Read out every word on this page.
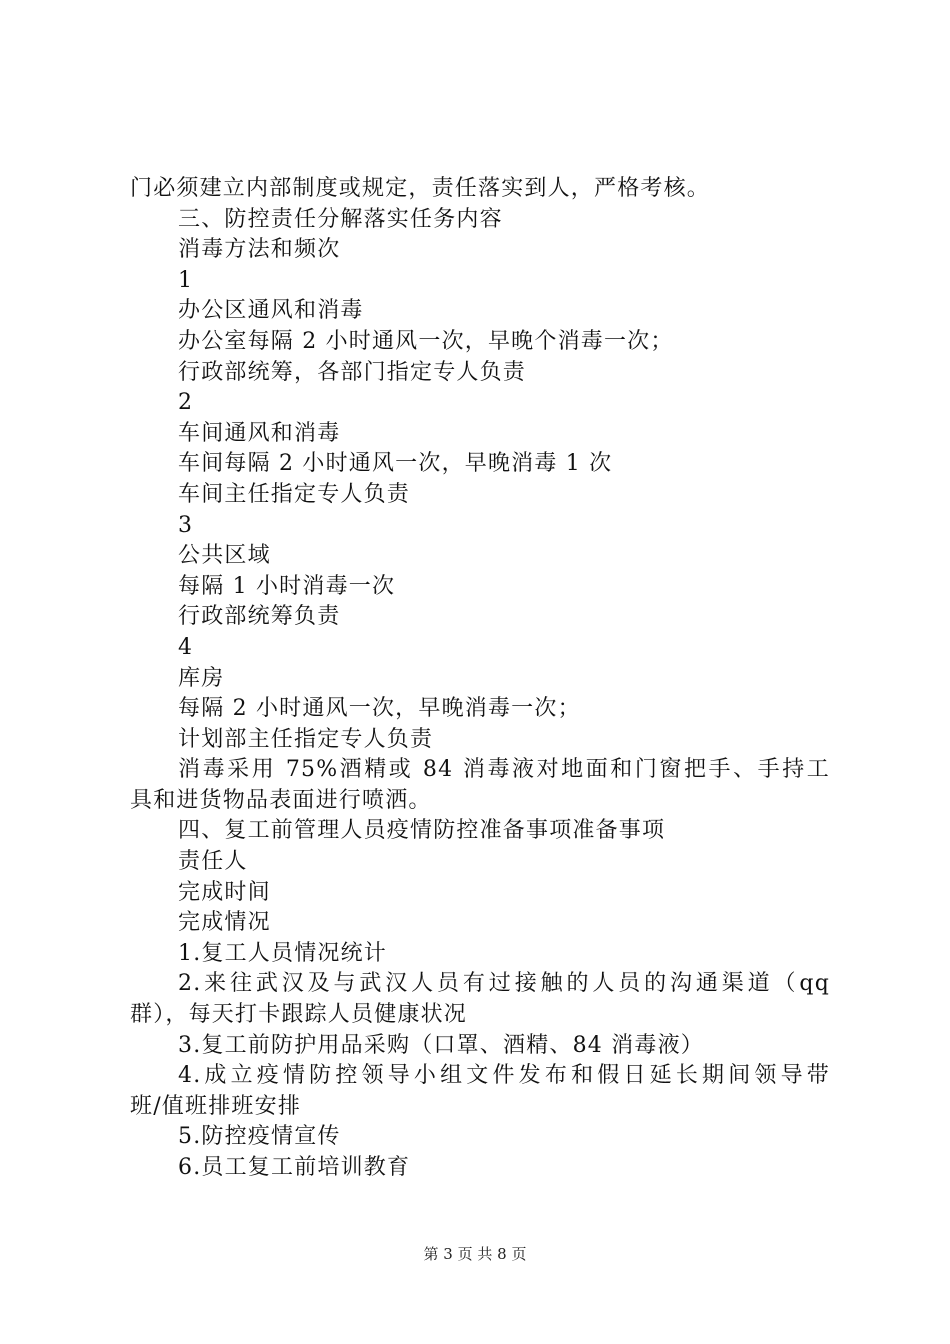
门必须建立内部制度或规定，责任落实到人，严格考核。
三、防控责任分解落实任务内容
消毒方法和频次
1
办公区通风和消毒
办公室每隔 2 小时通风一次，早晚个消毒一次；
行政部统筹，各部门指定专人负责
2
车间通风和消毒
车间每隔 2 小时通风一次，早晚消毒 1 次
车间主任指定专人负责
3
公共区域
每隔 1 小时消毒一次
行政部统筹负责
4
库房
每隔 2 小时通风一次，早晚消毒一次；
计划部主任指定专人负责
消毒采用 75%酒精或 84 消毒液对地面和门窗把手、手持工
具和进货物品表面进行喷洒。
四、复工前管理人员疫情防控准备事项准备事项
责任人
完成时间
完成情况
1.复工人员情况统计
2.来往武汉及与武汉人员有过接触的人员的沟通渠道（qq
群），每天打卡跟踪人员健康状况
3.复工前防护用品采购（口罩、酒精、84 消毒液）
4.成立疫情防控领导小组文件发布和假日延长期间领导带
班/值班排班安排
5.防控疫情宣传
6.员工复工前培训教育
第 3 页 共 8 页
